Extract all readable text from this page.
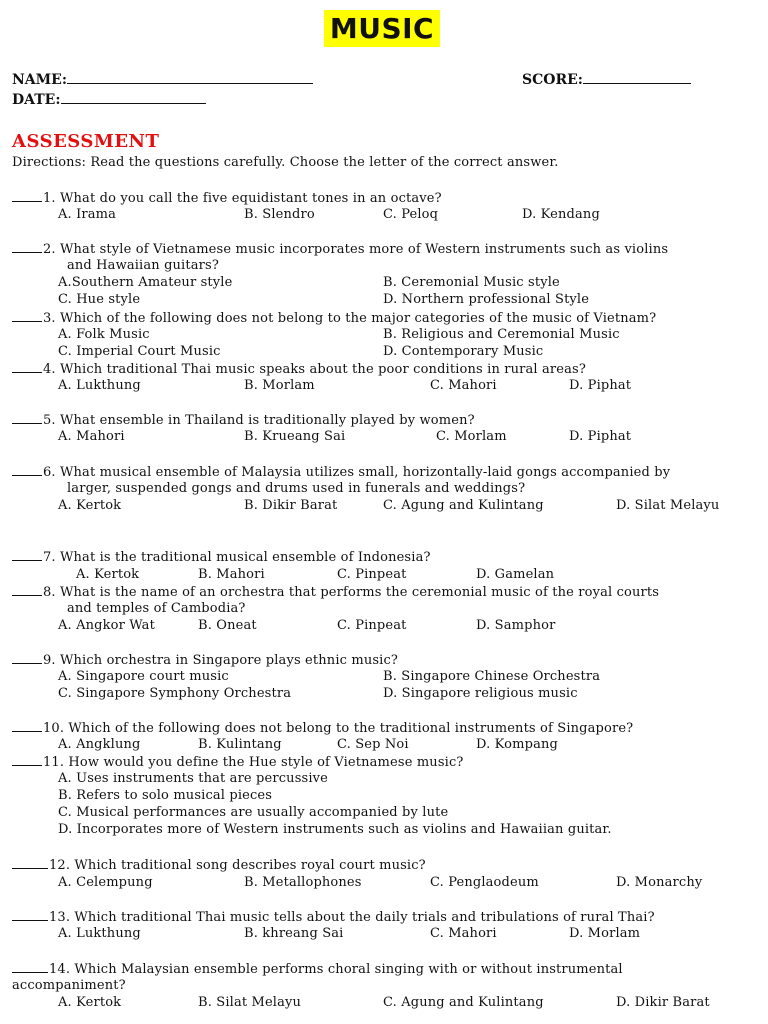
MUSIC
NAME:	SCORE:
DATE:
ASSESSMENT
Directions: Read the questions carefully. Choose the letter of the correct answer.
1. What do you call the five equidistant tones in an octave?
A. Irama	B. Slendro	C. Peloq	D. Kendang
2. What style of Vietnamese music incorporates more of Western instruments such as violins
and Hawaiian guitars?
A.Southern Amateur style	B. Ceremonial Music style
C. Hue style	D. Northern professional Style
3. Which of the following does not belong to the major categories of the music of Vietnam?
A. Folk Music	B. Religious and Ceremonial Music
C. Imperial Court Music	D. Contemporary Music
4. Which traditional Thai music speaks about the poor conditions in rural areas?
A. Lukthung	B. Morlam	C. Mahori	D. Piphat
5. What ensemble in Thailand is traditionally played by women?
A. Mahori	B. Krueang Sai	C. Morlam	D. Piphat
6. What musical ensemble of Malaysia utilizes small, horizontally-laid gongs accompanied by
larger, suspended gongs and drums used in funerals and weddings?
A. Kertok	B. Dikir Barat	C. Agung and Kulintang	D. Silat Melayu
7. What is the traditional musical ensemble of Indonesia?
A. Kertok	B. Mahori	C. Pinpeat	D. Gamelan
8. What is the name of an orchestra that performs the ceremonial music of the royal courts
and temples of Cambodia?
A. Angkor Wat	B. Oneat	C. Pinpeat	D. Samphor
9. Which orchestra in Singapore plays ethnic music?
A. Singapore court music	B. Singapore Chinese Orchestra
C. Singapore Symphony Orchestra	D. Singapore religious music
10. Which of the following does not belong to the traditional instruments of Singapore?
A. Angklung	B. Kulintang	C. Sep Noi	D. Kompang
11. How would you define the Hue style of Vietnamese music?
A. Uses instruments that are percussive
B. Refers to solo musical pieces
C. Musical performances are usually accompanied by lute
D. Incorporates more of Western instruments such as violins and Hawaiian guitar.
12. Which traditional song describes royal court music?
A. Celempung	B. Metallophones	C. Penglaodeum	D. Monarchy
13. Which traditional Thai music tells about the daily trials and tribulations of rural Thai?
A. Lukthung	B. khreang Sai	C. Mahori	D. Morlam
14. Which Malaysian ensemble performs choral singing with or without instrumental
accompaniment?
A. Kertok	B. Silat Melayu	C. Agung and Kulintang	D. Dikir Barat
